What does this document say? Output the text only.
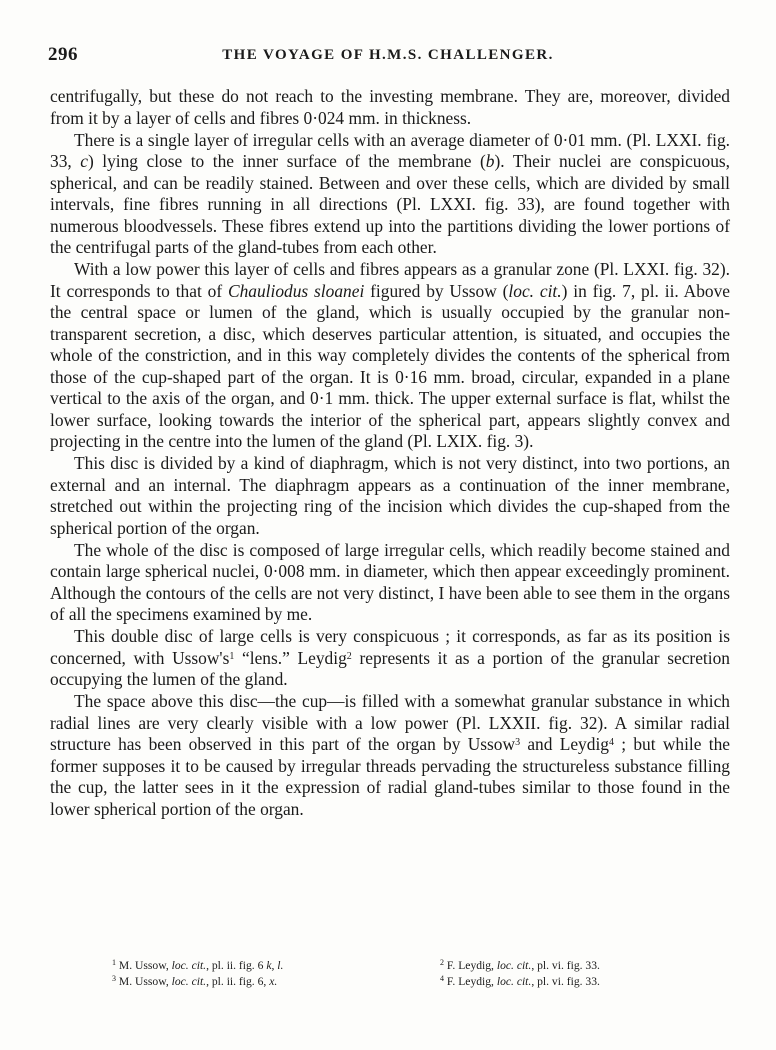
296	THE VOYAGE OF H.M.S. CHALLENGER.

centrifugally, but these do not reach to the investing membrane. They are, moreover, divided from it by a layer of cells and fibres 0·024 mm. in thickness.

There is a single layer of irregular cells with an average diameter of 0·01 mm. (Pl. LXXI. fig. 33, c) lying close to the inner surface of the membrane (b). Their nuclei are conspicuous, spherical, and can be readily stained. Between and over these cells, which are divided by small intervals, fine fibres running in all directions (Pl. LXXI. fig. 33), are found together with numerous bloodvessels. These fibres extend up into the partitions dividing the lower portions of the centrifugal parts of the gland-tubes from each other.

With a low power this layer of cells and fibres appears as a granular zone (Pl. LXXI. fig. 32). It corresponds to that of Chauliodus sloanei figured by Ussow (loc. cit.) in fig. 7, pl. ii. Above the central space or lumen of the gland, which is usually occupied by the granular non-transparent secretion, a disc, which deserves particular attention, is situated, and occupies the whole of the constriction, and in this way completely divides the contents of the spherical from those of the cup-shaped part of the organ. It is 0·16 mm. broad, circular, expanded in a plane vertical to the axis of the organ, and 0·1 mm. thick. The upper external surface is flat, whilst the lower surface, looking towards the interior of the spherical part, appears slightly convex and projecting in the centre into the lumen of the gland (Pl. LXIX. fig. 3).

This disc is divided by a kind of diaphragm, which is not very distinct, into two portions, an external and an internal. The diaphragm appears as a continuation of the inner membrane, stretched out within the projecting ring of the incision which divides the cup-shaped from the spherical portion of the organ.

The whole of the disc is composed of large irregular cells, which readily become stained and contain large spherical nuclei, 0·008 mm. in diameter, which then appear exceedingly prominent. Although the contours of the cells are not very distinct, I have been able to see them in the organs of all the specimens examined by me.

This double disc of large cells is very conspicuous ; it corresponds, as far as its position is concerned, with $Ussow's^1$ “lens.” Leydig$^2$ represents it as a portion of the granular secretion occupying the lumen of the gland.

The space above this disc—the cup—is filled with a somewhat granular substance in which radial lines are very clearly visible with a low power (Pl. LXXII. fig. 32). A similar radial structure has been observed in this part of the organ by Ussow$^3$ and Leydig$^4$ ; but while the former supposes it to be caused by irregular threads pervading the structureless substance filling the cup, the latter sees in it the expression of radial gland-tubes similar to those found in the lower spherical portion of the organ.

$^1$ M. Ussow, loc. cit., pl. ii. fig. 6 k, l.
$^3$ M. Ussow, loc. cit., pl. ii. fig. 6, x.
$^2$ F. Leydig, loc. cit., pl. vi. fig. 33.
$^4$ F. Leydig, loc. cit., pl. vi. fig. 33.
